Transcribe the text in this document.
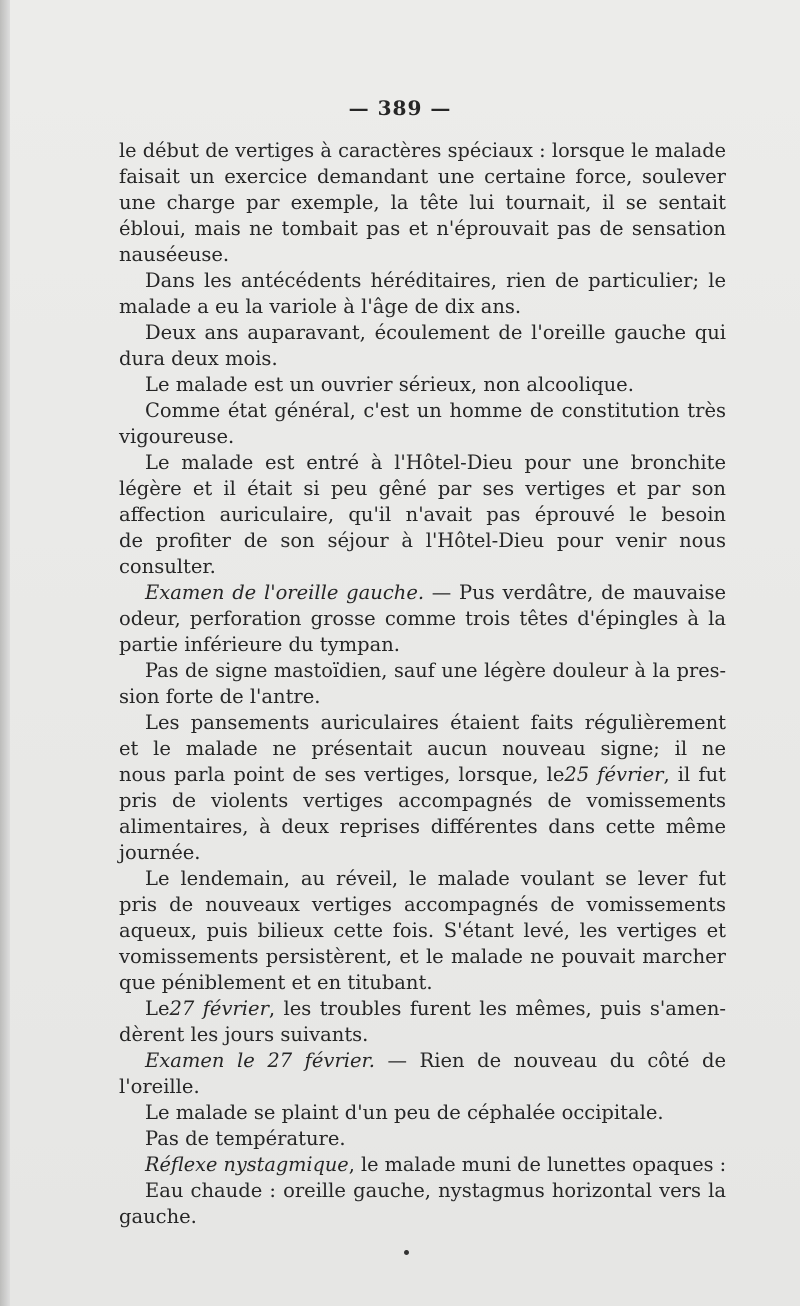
— 389 —
le début de vertiges à caractères spéciaux : lorsque le malade
faisait un exercice demandant une certaine force, soulever
une charge par exemple, la tête lui tournait, il se sentait
ébloui, mais ne tombait pas et n'éprouvait pas de sensation
nauséeuse.
Dans les antécédents héréditaires, rien de particulier; le
malade a eu la variole à l'âge de dix ans.
Deux ans auparavant, écoulement de l'oreille gauche qui
dura deux mois.
Le malade est un ouvrier sérieux, non alcoolique.
Comme état général, c'est un homme de constitution très
vigoureuse.
Le malade est entré à l'Hôtel-Dieu pour une bronchite
légère et il était si peu gêné par ses vertiges et par son
affection auriculaire, qu'il n'avait pas éprouvé le besoin
de profiter de son séjour à l'Hôtel-Dieu pour venir nous
consulter.
Examen de l'oreille gauche. — Pus verdâtre, de mauvaise
odeur, perforation grosse comme trois têtes d'épingles à la
partie inférieure du tympan.
Pas de signe mastoïdien, sauf une légère douleur à la pres-
sion forte de l'antre.
Les pansements auriculaires étaient faits régulièrement
et le malade ne présentait aucun nouveau signe; il ne
nous parla point de ses vertiges, lorsque, le25 février, il fut
pris de violents vertiges accompagnés de vomissements
alimentaires, à deux reprises différentes dans cette même
journée.
Le lendemain, au réveil, le malade voulant se lever fut
pris de nouveaux vertiges accompagnés de vomissements
aqueux, puis bilieux cette fois. S'étant levé, les vertiges et
vomissements persistèrent, et le malade ne pouvait marcher
que péniblement et en titubant.
Le27 février, les troubles furent les mêmes, puis s'amen-
dèrent les jours suivants.
Examen le 27 février. — Rien de nouveau du côté de
l'oreille.
Le malade se plaint d'un peu de céphalée occipitale.
Pas de température.
Réflexe nystagmique, le malade muni de lunettes opaques :
Eau chaude : oreille gauche, nystagmus horizontal vers la
gauche.
